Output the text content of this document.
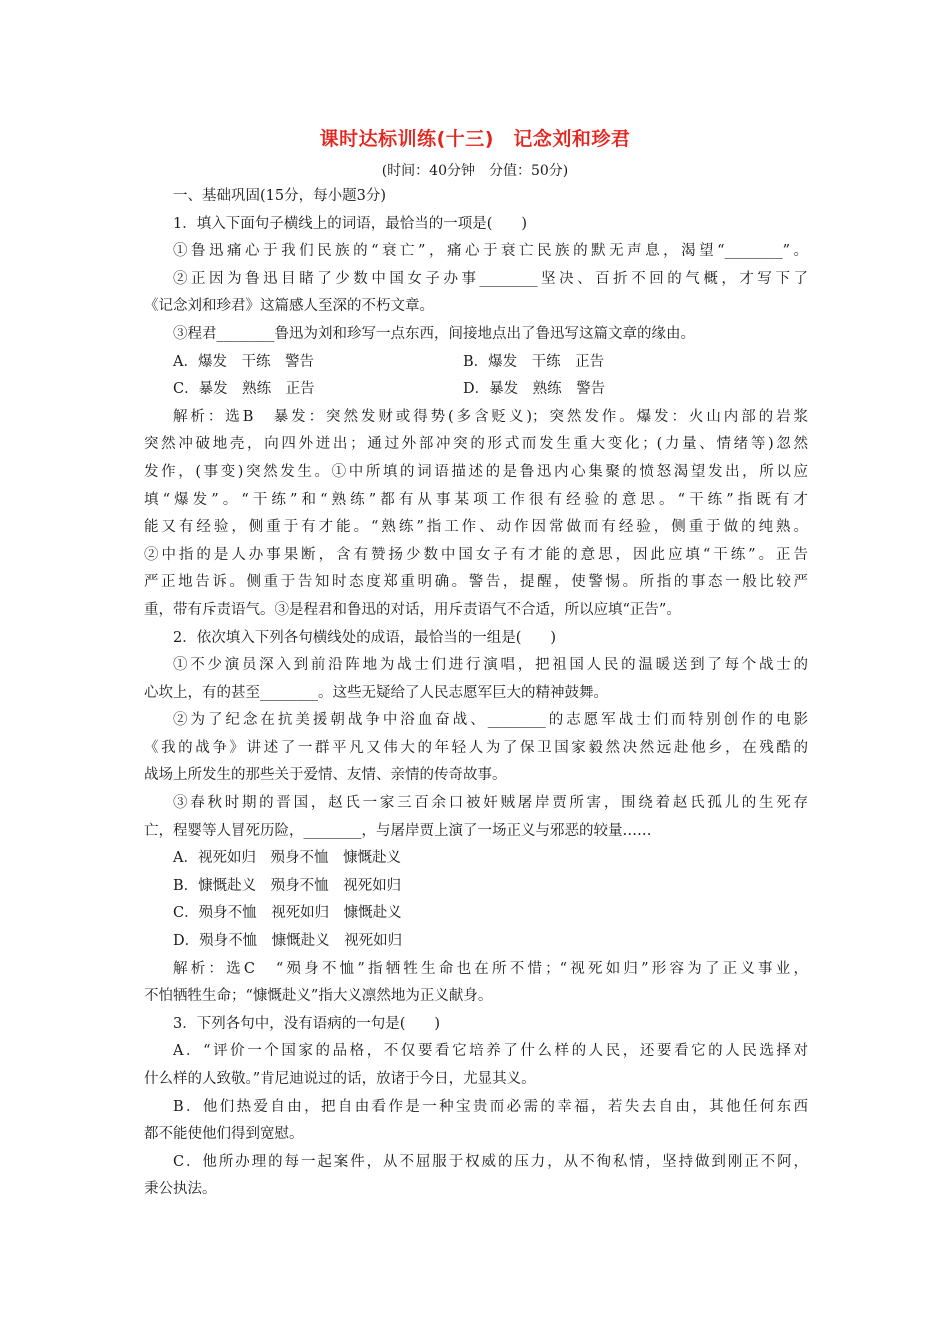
课时达标训练(十三)　记念刘和珍君
(时间：40分钟　分值：50分)
一、基础巩固(15分，每小题3分)
1．填入下面句子横线上的词语，最恰当的一项是(　　)
①鲁迅痛心于我们民族的“衰亡”，痛心于衰亡民族的默无声息，渴望“________”。
②正因为鲁迅目睹了少数中国女子办事________坚决、百折不回的气概，才写下了
《记念刘和珍君》这篇感人至深的不朽文章。
③程君________鲁迅为刘和珍写一点东西，间接地点出了鲁迅写这篇文章的缘由。
A．爆发　干练　警告	B．爆发　干练　正告
C．暴发　熟练　正告	D．暴发　熟练　警告
解析：选B　暴发：突然发财或得势(多含贬义)；突然发作。爆发：火山内部的岩浆
突然冲破地壳，向四外迸出；通过外部冲突的形式而发生重大变化；(力量、情绪等)忽然
发作，(事变)突然发生。①中所填的词语描述的是鲁迅内心集聚的愤怒渴望发出，所以应
填“爆发”。“干练”和“熟练”都有从事某项工作很有经验的意思。“干练”指既有才
能又有经验，侧重于有才能。“熟练”指工作、动作因常做而有经验，侧重于做的纯熟。
②中指的是人办事果断，含有赞扬少数中国女子有才能的意思，因此应填“干练”。正告
严正地告诉。侧重于告知时态度郑重明确。警告，提醒，使警惕。所指的事态一般比较严
重，带有斥责语气。③是程君和鲁迅的对话，用斥责语气不合适，所以应填“正告”。
2．依次填入下列各句横线处的成语，最恰当的一组是(　　)
①不少演员深入到前沿阵地为战士们进行演唱，把祖国人民的温暖送到了每个战士的
心坎上，有的甚至________。这些无疑给了人民志愿军巨大的精神鼓舞。
②为了纪念在抗美援朝战争中浴血奋战、________的志愿军战士们而特别创作的电影
《我的战争》讲述了一群平凡又伟大的年轻人为了保卫国家毅然决然远赴他乡，在残酷的
战场上所发生的那些关于爱情、友情、亲情的传奇故事。
③春秋时期的晋国，赵氏一家三百余口被奸贼屠岸贾所害，围绕着赵氏孤儿的生死存
亡，程婴等人冒死历险，________，与屠岸贾上演了一场正义与邪恶的较量……
A．视死如归　殒身不恤　慷慨赴义
B．慷慨赴义　殒身不恤　视死如归
C．殒身不恤　视死如归　慷慨赴义
D．殒身不恤　慷慨赴义　视死如归
解析：选C　“殒身不恤”指牺牲生命也在所不惜；“视死如归”形容为了正义事业，
不怕牺牲生命；“慷慨赴义”指大义凛然地为正义献身。
3．下列各句中，没有语病的一句是(　　)
A．“评价一个国家的品格，不仅要看它培养了什么样的人民，还要看它的人民选择对
什么样的人致敬。”肯尼迪说过的话，放诸于今日，尤显其义。
B．他们热爱自由，把自由看作是一种宝贵而必需的幸福，若失去自由，其他任何东西
都不能使他们得到宽慰。
C．他所办理的每一起案件，从不屈服于权威的压力，从不徇私情，坚持做到刚正不阿，
秉公执法。
